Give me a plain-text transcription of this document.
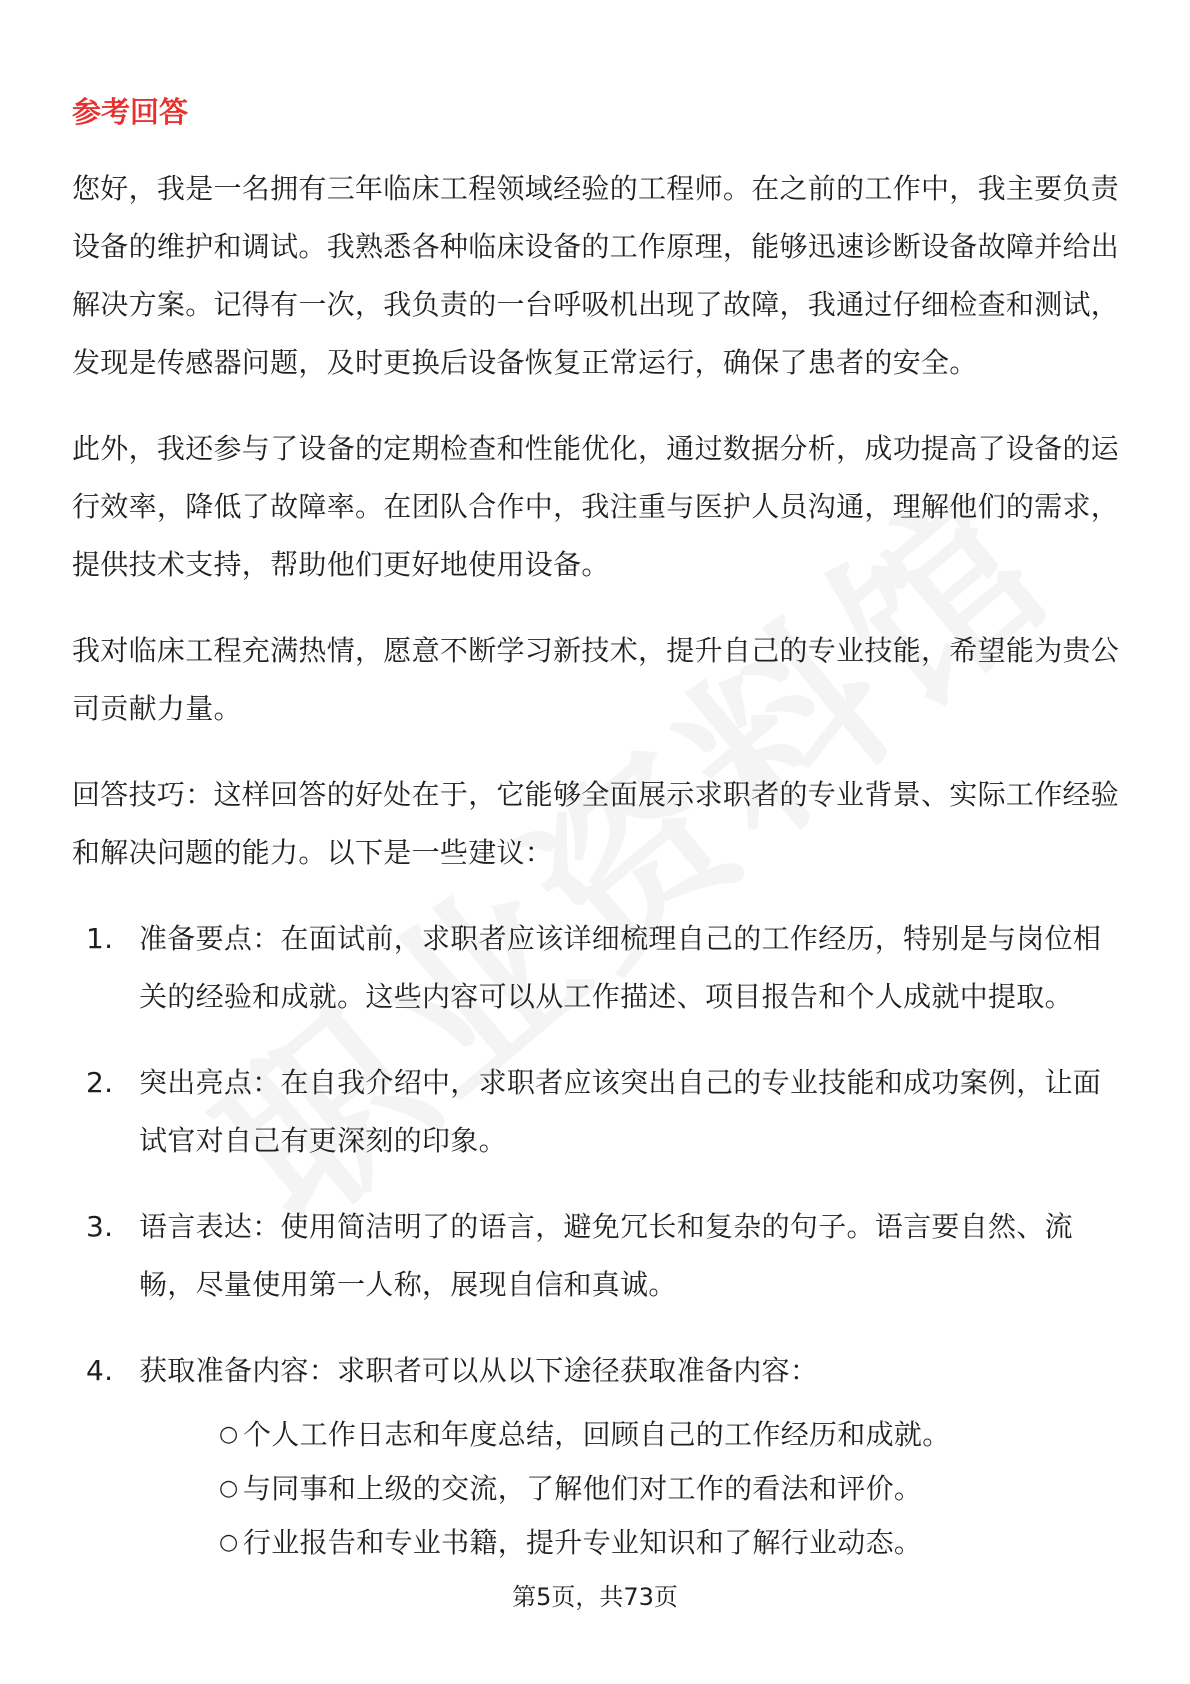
参考回答

您好，我是一名拥有三年临床工程领域经验的工程师。在之前的工作中，我主要负责设备的维护和调试。我熟悉各种临床设备的工作原理，能够迅速诊断设备故障并给出解决方案。记得有一次，我负责的一台呼吸机出现了故障，我通过仔细检查和测试，发现是传感器问题，及时更换后设备恢复正常运行，确保了患者的安全。

此外，我还参与了设备的定期检查和性能优化，通过数据分析，成功提高了设备的运行效率，降低了故障率。在团队合作中，我注重与医护人员沟通，理解他们的需求，提供技术支持，帮助他们更好地使用设备。

我对临床工程充满热情，愿意不断学习新技术，提升自己的专业技能，希望能为贵公司贡献力量。

回答技巧：这样回答的好处在于，它能够全面展示求职者的专业背景、实际工作经验和解决问题的能力。以下是一些建议：

1. 准备要点：在面试前，求职者应该详细梳理自己的工作经历，特别是与岗位相关的经验和成就。这些内容可以从工作描述、项目报告和个人成就中提取。
2. 突出亮点：在自我介绍中，求职者应该突出自己的专业技能和成功案例，让面试官对自己有更深刻的印象。
3. 语言表达：使用简洁明了的语言，避免冗长和复杂的句子。语言要自然、流畅，尽量使用第一人称，展现自信和真诚。
4. 获取准备内容：求职者可以从以下途径获取准备内容：
○ 个人工作日志和年度总结，回顾自己的工作经历和成就。
○ 与同事和上级的交流，了解他们对工作的看法和评价。
○ 行业报告和专业书籍，提升专业知识和了解行业动态。
第5页，共73页
